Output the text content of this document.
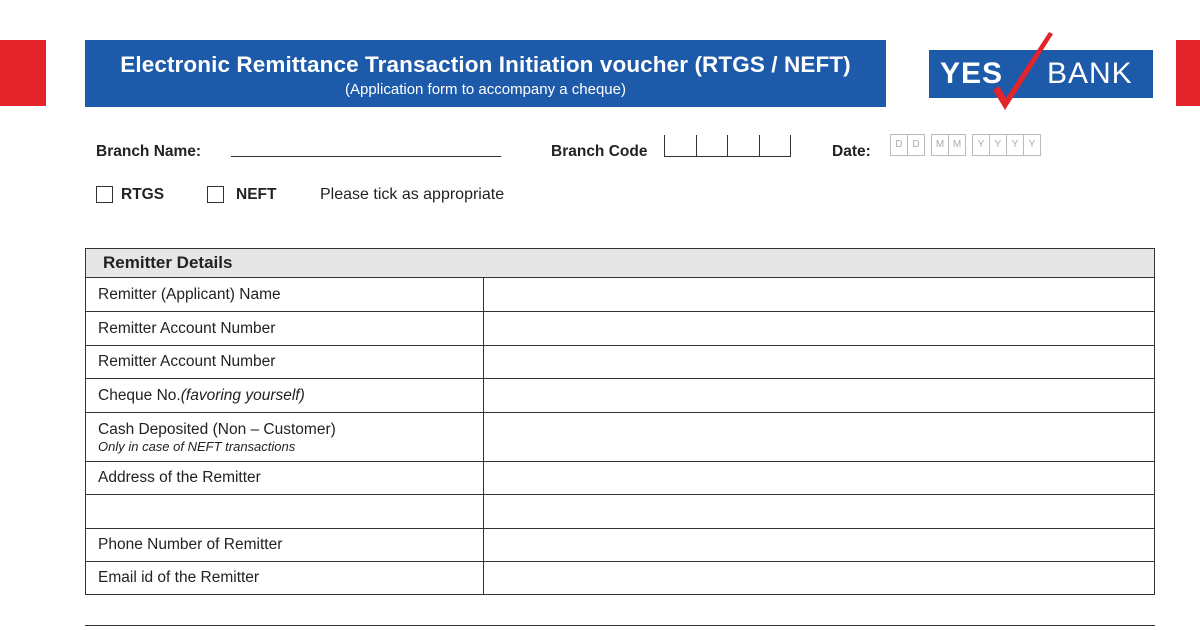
Electronic Remittance Transaction Initiation voucher (RTGS / NEFT)
(Application form to accompany a cheque)	YES BANK
Branch Name:	Branch Code	Date:	D D	M M	Y	Y	Y	Y
RTGS	NEFT	Please tick as appropriate
Remitter Details	
Remitter (Applicant) Name	
Remitter Account Number	
Remitter Account Number	
Cheque No.(favoring yourself)	

Cash Deposited (Non – Customer)
Only in case of NEFT transactions	

Address of the Remitter	

Phone Number of Remitter	
Email id of the Remitter	
